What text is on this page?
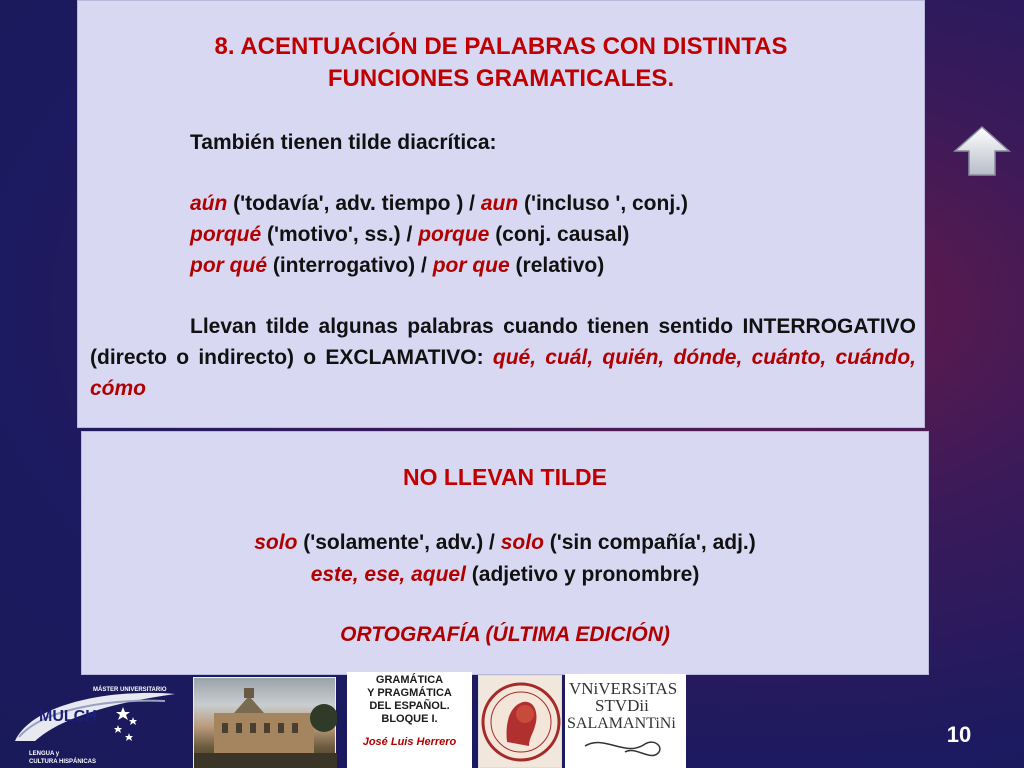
8. ACENTUACIÓN DE PALABRAS CON DISTINTAS
FUNCIONES GRAMATICALES.
También tienen tilde diacrítica:
aún ('todavía', adv. tiempo ) / aun ('incluso ', conj.)
porqué ('motivo', ss.) / porque (conj. causal)
por qué (interrogativo) / por que (relativo)
Llevan tilde algunas palabras cuando tienen sentido INTERROGATIVO (directo o indirecto) o EXCLAMATIVO: qué, cuál, quién, dónde, cuánto, cuándo, cómo
NO LLEVAN TILDE
solo ('solamente', adv.) / solo ('sin compañía', adj.)
este, ese, aquel (adjetivo y pronombre)
ORTOGRAFÍA (ÚLTIMA EDICIÓN)
10
MÁSTER UNIVERSITARIO
MULCH
LENGUA y
CULTURA HISPÁNICAS
GRAMÁTICA
Y PRAGMÁTICA
DEL ESPAÑOL.
BLOQUE I.
José Luis Herrero
VNiVERSiTAS
STVDii
SALAMANTiNi
